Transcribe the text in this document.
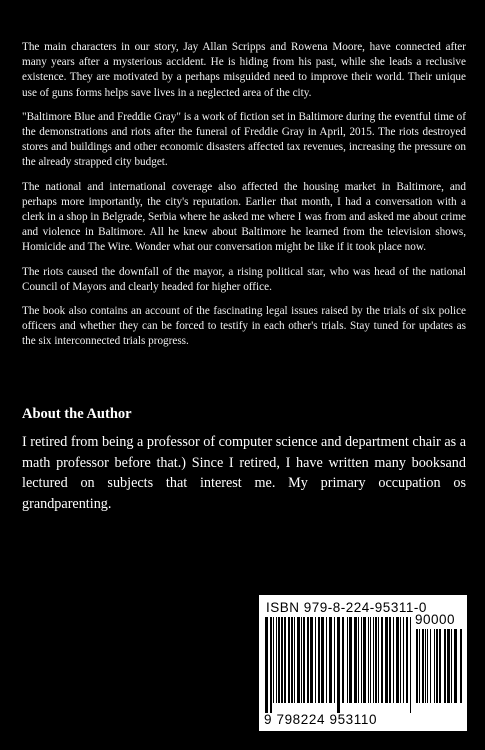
The main characters in our story, Jay Allan Scripps and Rowena Moore, have connected after many years after a mysterious accident. He is hiding from his past, while she leads a reclusive existence. They are motivated by a perhaps misguided need to improve their world. Their unique use of guns forms helps save lives in a neglected area of the city.

"Baltimore Blue and Freddie Gray" is a work of fiction set in Baltimore during the eventful time of the demonstrations and riots after the funeral of Freddie Gray in April, 2015. The riots destroyed stores and buildings and other economic disasters affected tax revenues, increasing the pressure on the already strapped city budget.

The national and international coverage also affected the housing market in Baltimore, and perhaps more importantly, the city's reputation. Earlier that month, I had a conversation with a clerk in a shop in Belgrade, Serbia where he asked me where I was from and asked me about crime and violence in Baltimore. All he knew about Baltimore he learned from the television shows, Homicide and The Wire. Wonder what our conversation might be like if it took place now.

The riots caused the downfall of the mayor, a rising political star, who was head of the national Council of Mayors and clearly headed for higher office.

The book also contains an account of the fascinating legal issues raised by the trials of six police officers and whether they can be forced to testify in each other's trials. Stay tuned for updates as the six interconnected trials progress.

About the Author

I retired from being a professor of computer science and department chair as a math professor before that.) Since I retired, I have written many booksand lectured on subjects that interest me. My primary occupation os grandparenting.

ISBN 979-8-224-95311-0
90000
9 798224 953110
